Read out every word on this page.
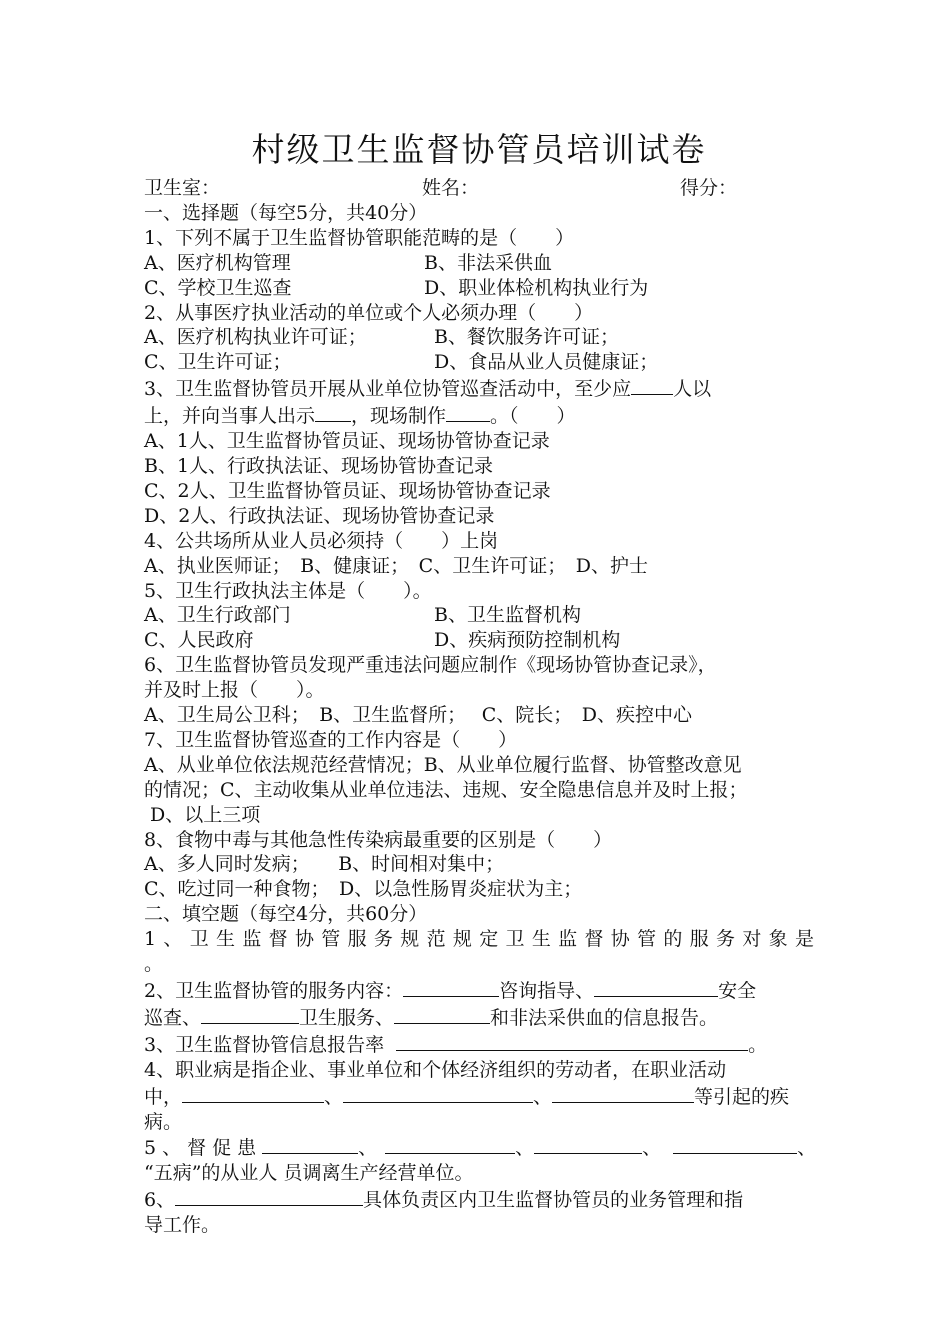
村级卫生监督协管员培训试卷
卫生室：	姓名：	得分：
一、选择题（每空5分，共40分）
1、下列不属于卫生监督协管职能范畴的是（　　）
A、医疗机构管理	B、非法采供血
C、学校卫生巡查	D、职业体检机构执业行为
2、从事医疗执业活动的单位或个人必须办理（　　）
A、医疗机构执业许可证；	B、餐饮服务许可证；
C、卫生许可证；	D、食品从业人员健康证；
3、卫生监督协管员开展从业单位协管巡查活动中，至少应 人以
上，并向当事人出示 ，现场制作 。（　　）
A、1人、卫生监督协管员证、现场协管协查记录
B、1人、行政执法证、现场协管协查记录
C、2人、卫生监督协管员证、现场协管协查记录
D、2人、行政执法证、现场协管协查记录
4、公共场所从业人员必须持（　　）上岗
A、执业医师证；　B、健康证；　C、卫生许可证；　D、护士
5、卫生行政执法主体是（　　）。
A、卫生行政部门	B、卫生监督机构
C、人民政府	D、疾病预防控制机构
6、卫生监督协管员发现严重违法问题应制作《现场协管协查记录》，
并及时上报（　　）。
A、卫生局公卫科；　B、卫生监督所；　 C、院长；　D、疾控中心
7、卫生监督协管巡查的工作内容是（　　）
A、从业单位依法规范经营情况；B、从业单位履行监督、协管整改意见
的情况；C、主动收集从业单位违法、违规、安全隐患信息并及时上报；
D、以上三项
8、食物中毒与其他急性传染病最重要的区别是（　　）
A、多人同时发病；　　B、时间相对集中；
C、吃过同一种食物；　D、以急性肠胃炎症状为主；
二、填空题（每空4分，共60分）
1、卫生监督协管服务规范规定卫生监督协管的服务对象是
。
2、卫生监督协管的服务内容：	咨询指导、	安全
巡查、	卫生服务、	和非法采供血的信息报告。
3、卫生监督协管信息报告率	。
4、职业病是指企业、事业单位和个体经济组织的劳动者，在职业活动
中，	、	、	等引起的疾
病。
5、督促患	、	、	、	、
“五病”的从业人 员调离生产经营单位。
6、	具体负责区内卫生监督协管员的业务管理和指
导工作。
